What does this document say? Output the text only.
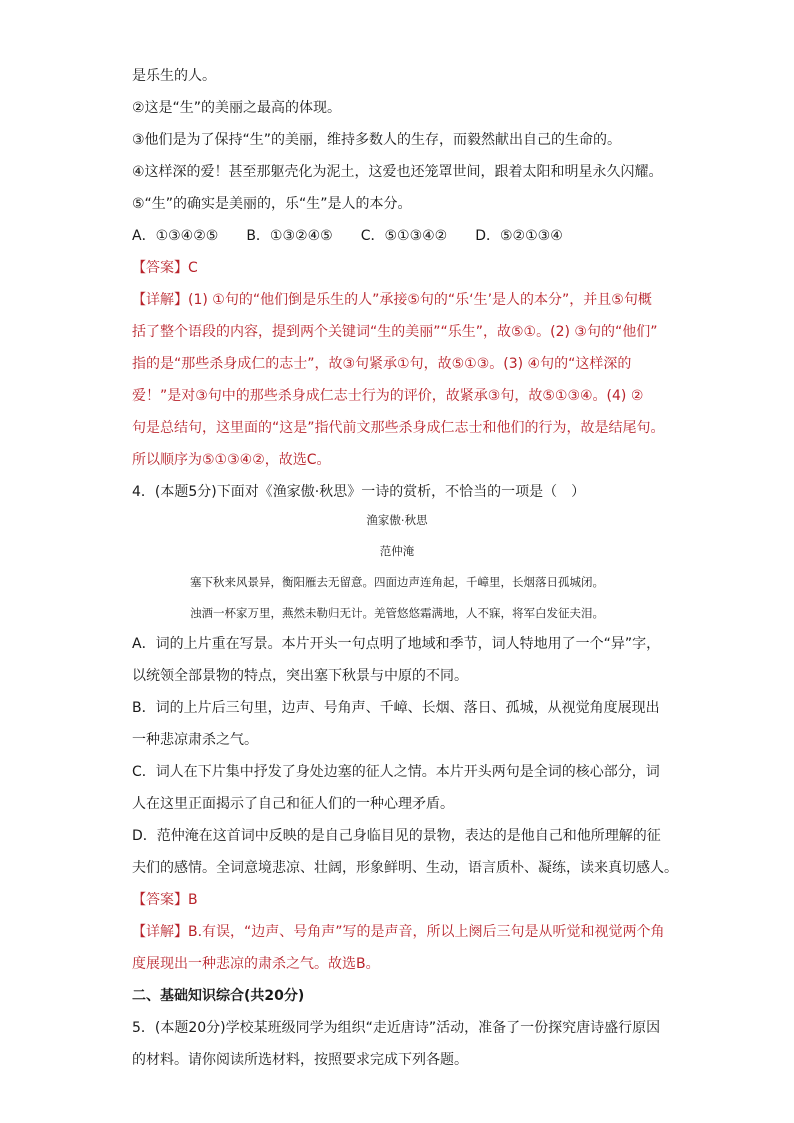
是乐生的人。
②这是“生”的美丽之最高的体现。
③他们是为了保持“生”的美丽，维持多数人的生存，而毅然献出自己的生命的。
④这样深的爱！甚至那躯壳化为泥土，这爱也还笼罩世间，跟着太阳和明星永久闪耀。
⑤“生”的确实是美丽的，乐“生”是人的本分。
A．①③④②⑤　　B．①③②④⑤　　C．⑤①③④②　　D．⑤②①③④
【答案】C
【详解】(1) ①句的“他们倒是乐生的人”承接⑤句的“乐‘生’是人的本分”，并且⑤句概
括了整个语段的内容，提到两个关键词“生的美丽”“乐生”，故⑤①。(2) ③句的“他们”
指的是“那些杀身成仁的志士”，故③句紧承①句，故⑤①③。(3) ④句的“这样深的
爱！”是对③句中的那些杀身成仁志士行为的评价，故紧承③句，故⑤①③④。(4) ②
句是总结句，这里面的“这是”指代前文那些杀身成仁志士和他们的行为，故是结尾句。
所以顺序为⑤①③④②，故选C。
4．(本题5分)下面对《渔家傲·秋思》一诗的赏析，不恰当的一项是（　）
渔家傲·秋思
范仲淹
塞下秋来风景异，衡阳雁去无留意。四面边声连角起，千嶂里，长烟落日孤城闭。
浊酒一杯家万里，燕然未勒归无计。羌管悠悠霜满地，人不寐，将军白发征夫泪。
A．词的上片重在写景。本片开头一句点明了地域和季节，词人特地用了一个“异”字，
以统领全部景物的特点，突出塞下秋景与中原的不同。
B．词的上片后三句里，边声、号角声、千嶂、长烟、落日、孤城，从视觉角度展现出
一种悲凉肃杀之气。
C．词人在下片集中抒发了身处边塞的征人之情。本片开头两句是全词的核心部分，词
人在这里正面揭示了自己和征人们的一种心理矛盾。
D．范仲淹在这首词中反映的是自己身临目见的景物，表达的是他自己和他所理解的征
夫们的感情。全词意境悲凉、壮阔，形象鲜明、生动，语言质朴、凝练，读来真切感人。
【答案】B
【详解】B.有误，“边声、号角声”写的是声音，所以上阕后三句是从听觉和视觉两个角
度展现出一种悲凉的肃杀之气。故选B。
二、基础知识综合(共20分)
5．(本题20分)学校某班级同学为组织“走近唐诗”活动，准备了一份探究唐诗盛行原因
的材料。请你阅读所选材料，按照要求完成下列各题。
